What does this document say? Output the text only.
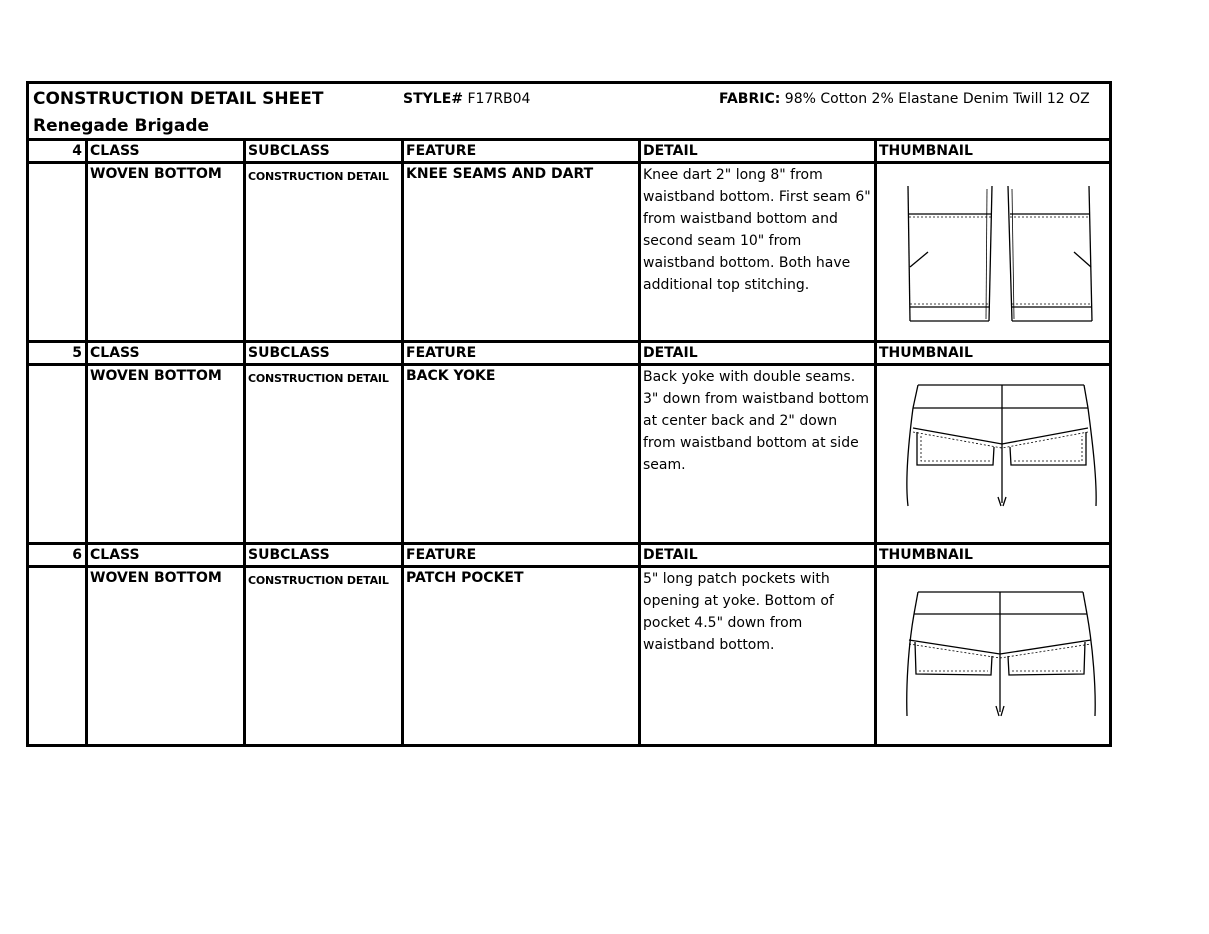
CONSTRUCTION DETAIL SHEET
Renegade Brigade
STYLE# F17RB04	FABRIC: 98% Cotton 2% Elastane Denim Twill 12 OZ
4 CLASS	SUBCLASS	FEATURE	DETAIL	THUMBNAIL
WOVEN BOTTOM	CONSTRUCTION DETAIL	KNEE SEAMS AND DART	Knee dart 2" long 8" from waistband bottom. First seam 6" from waistband bottom and second seam 10" from waistband bottom. Both have additional top stitching.
5 CLASS	SUBCLASS	FEATURE	DETAIL	THUMBNAIL
WOVEN BOTTOM	CONSTRUCTION DETAIL	BACK YOKE	Back yoke with double seams. 3" down from waistband bottom at center back and 2" down from waistband bottom at side seam.
6 CLASS	SUBCLASS	FEATURE	DETAIL	THUMBNAIL
WOVEN BOTTOM	CONSTRUCTION DETAIL	PATCH POCKET	5" long patch pockets with opening at yoke. Bottom of pocket 4.5" down from waistband bottom.
